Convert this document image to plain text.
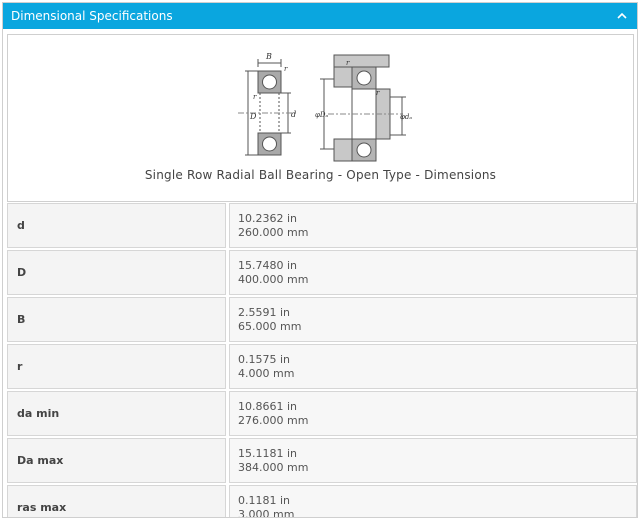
Dimensional Specifications
B
r
r
D	d
r
r
φDₐ	φdₐ
Single Row Radial Ball Bearing - Open Type - Dimensions
d
10.2362 in
260.000 mm
D
15.7480 in
400.000 mm
B
2.5591 in
65.000 mm
r
0.1575 in
4.000 mm
da min
10.8661 in
276.000 mm
Da max
15.1181 in
384.000 mm
ras max
0.1181 in
3.000 mm
